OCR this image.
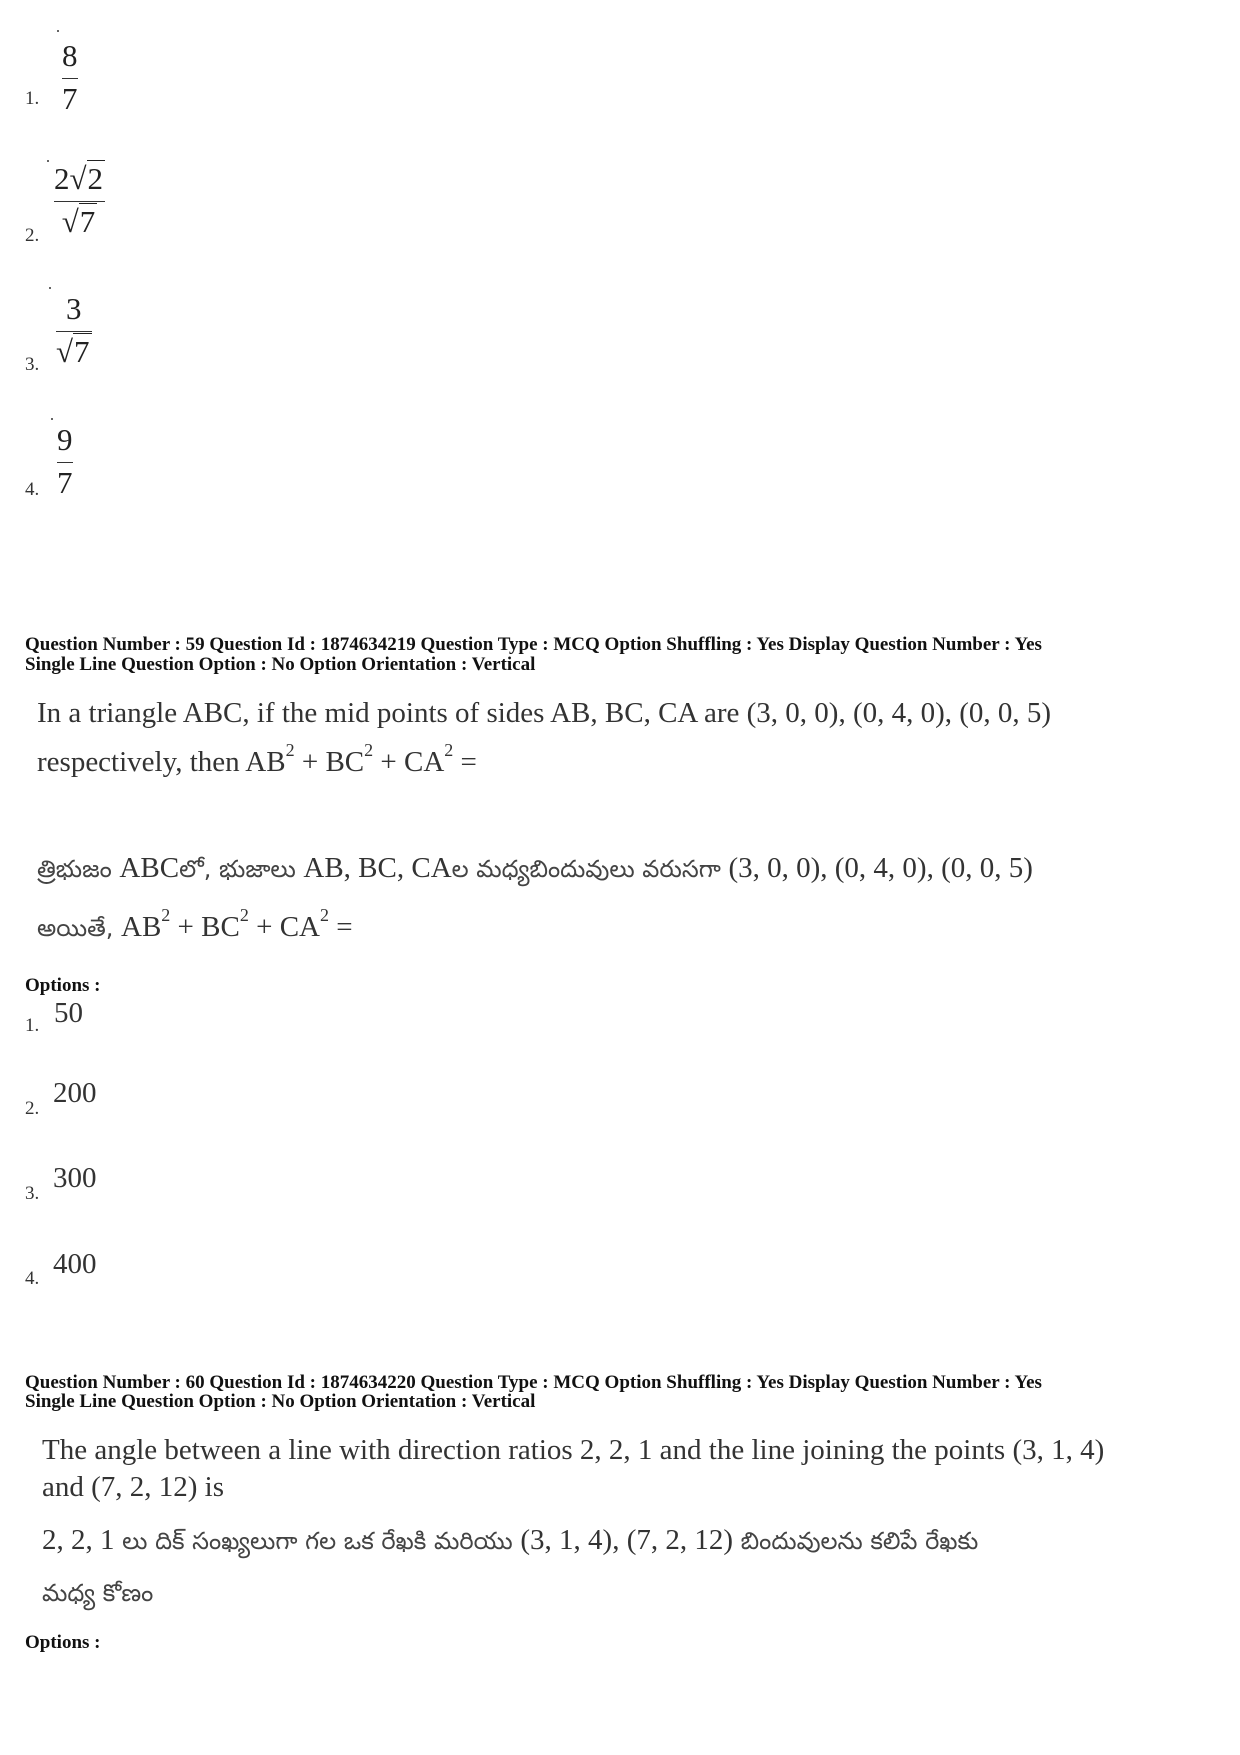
1.
8
7
2.
2√2
√7
3.
3
√7
4.
9
7
Question Number : 59 Question Id : 1874634219 Question Type : MCQ Option Shuffling : Yes Display Question Number : Yes
Single Line Question Option : No Option Orientation : Vertical
In a triangle ABC, if the mid points of sides AB, BC, CA are (3, 0, 0), (0, 4, 0), (0, 0, 5)
respectively, then $AB^2 + BC^2 + CA^2$ =
త్రిభుజం ABCలో, భుజాలు AB, BC, CAల మధ్యబిందువులు వరుసగా (3, 0, 0), (0, 4, 0), (0, 0, 5)
అయితే, $AB^2 + BC^2 + CA^2$ =
Options :
1. 50
2. 200
3. 300
4. 400
Question Number : 60 Question Id : 1874634220 Question Type : MCQ Option Shuffling : Yes Display Question Number : Yes
Single Line Question Option : No Option Orientation : Vertical
The angle between a line with direction ratios 2, 2, 1 and the line joining the points (3, 1, 4)
and (7, 2, 12) is
2, 2, 1 లు దిక్ సంఖ్యలుగా గల ఒక రేఖకి మరియు (3, 1, 4), (7, 2, 12) బిందువులను కలిపే రేఖకు
మధ్య కోణం
Options :
